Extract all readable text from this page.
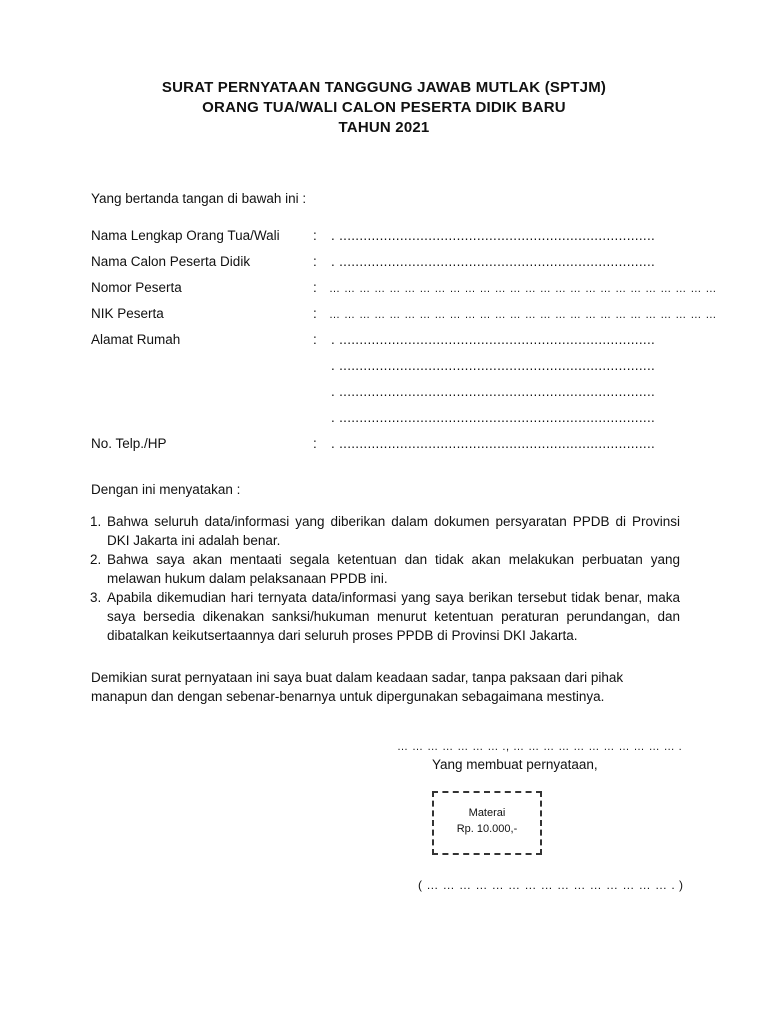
SURAT PERNYATAAN TANGGUNG JAWAB MUTLAK (SPTJM)
ORANG TUA/WALI CALON PESERTA DIDIK BARU
TAHUN 2021
Yang bertanda tangan di bawah ini :
Nama Lengkap Orang Tua/Wali : . ..............................................................................
Nama Calon Peserta Didik	: . ..............................................................................
Nomor Peserta	: … … … … … … … … … … … … … … … … … … … … … … … … … …
NIK Peserta	: … … … … … … … … … … … … … … … … … … … … … … … … … …
Alamat Rumah	: . ..............................................................................
. ..............................................................................
. ..............................................................................
. ..............................................................................
No. Telp./HP	: . ..............................................................................
Dengan ini menyatakan :
1. Bahwa seluruh data/informasi yang diberikan dalam dokumen persyaratan PPDB di Provinsi DKI Jakarta ini adalah benar.
2. Bahwa saya akan mentaati segala ketentuan dan tidak akan melakukan perbuatan yang melawan hukum dalam pelaksanaan PPDB ini.
3. Apabila dikemudian hari ternyata data/informasi yang saya berikan tersebut tidak benar, maka saya bersedia dikenakan sanksi/hukuman menurut ketentuan peraturan perundangan, dan dibatalkan keikutsertaannya dari seluruh proses PPDB di Provinsi DKI Jakarta.
Demikian surat pernyataan ini saya buat dalam keadaan sadar, tanpa paksaan dari pihak manapun dan dengan sebenar-benarnya untuk dipergunakan sebagaimana mestinya.
… … … … … … … ., … … … … … … … … … … … .
Yang membuat pernyataan,
Materai
Rp. 10.000,-
( … … … … … … … … … … … … … … … . )
